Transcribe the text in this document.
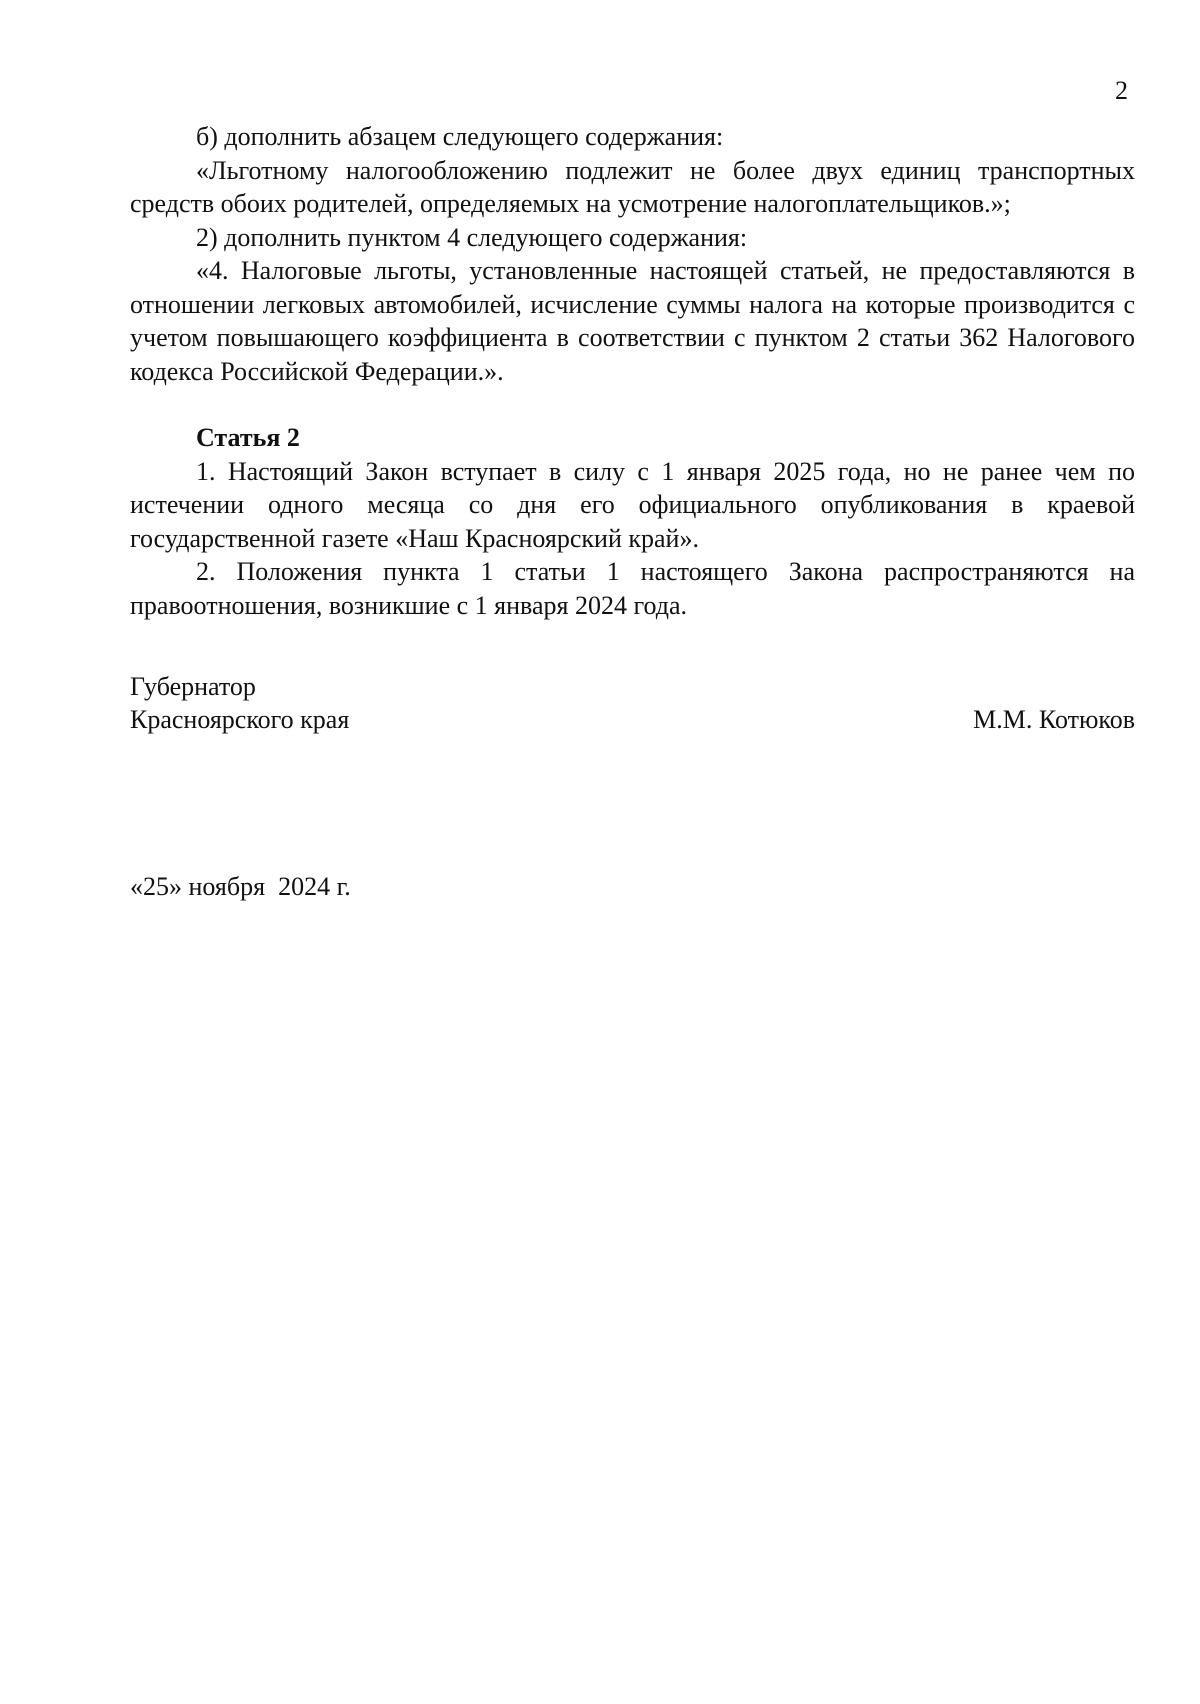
2

б) дополнить абзацем следующего содержания:

«Льготному налогообложению подлежит не более двух единиц транспортных средств обоих родителей, определяемых на усмотрение налогоплательщиков.»;

2) дополнить пунктом 4 следующего содержания:

«4. Налоговые льготы, установленные настоящей статьей, не предоставляются в отношении легковых автомобилей, исчисление суммы налога на которые производится с учетом повышающего коэффициента в соответствии с пунктом 2 статьи 362 Налогового кодекса Российской Федерации.».

Статья 2

1. Настоящий Закон вступает в силу с 1 января 2025 года, но не ранее чем по истечении одного месяца со дня его официального опубликования в краевой государственной газете «Наш Красноярский край».

2. Положения пункта 1 статьи 1 настоящего Закона распространяются на правоотношения, возникшие с 1 января 2024 года.

Губернатор
Красноярского края	М.М. Котюков
«25» ноября  2024 г.
